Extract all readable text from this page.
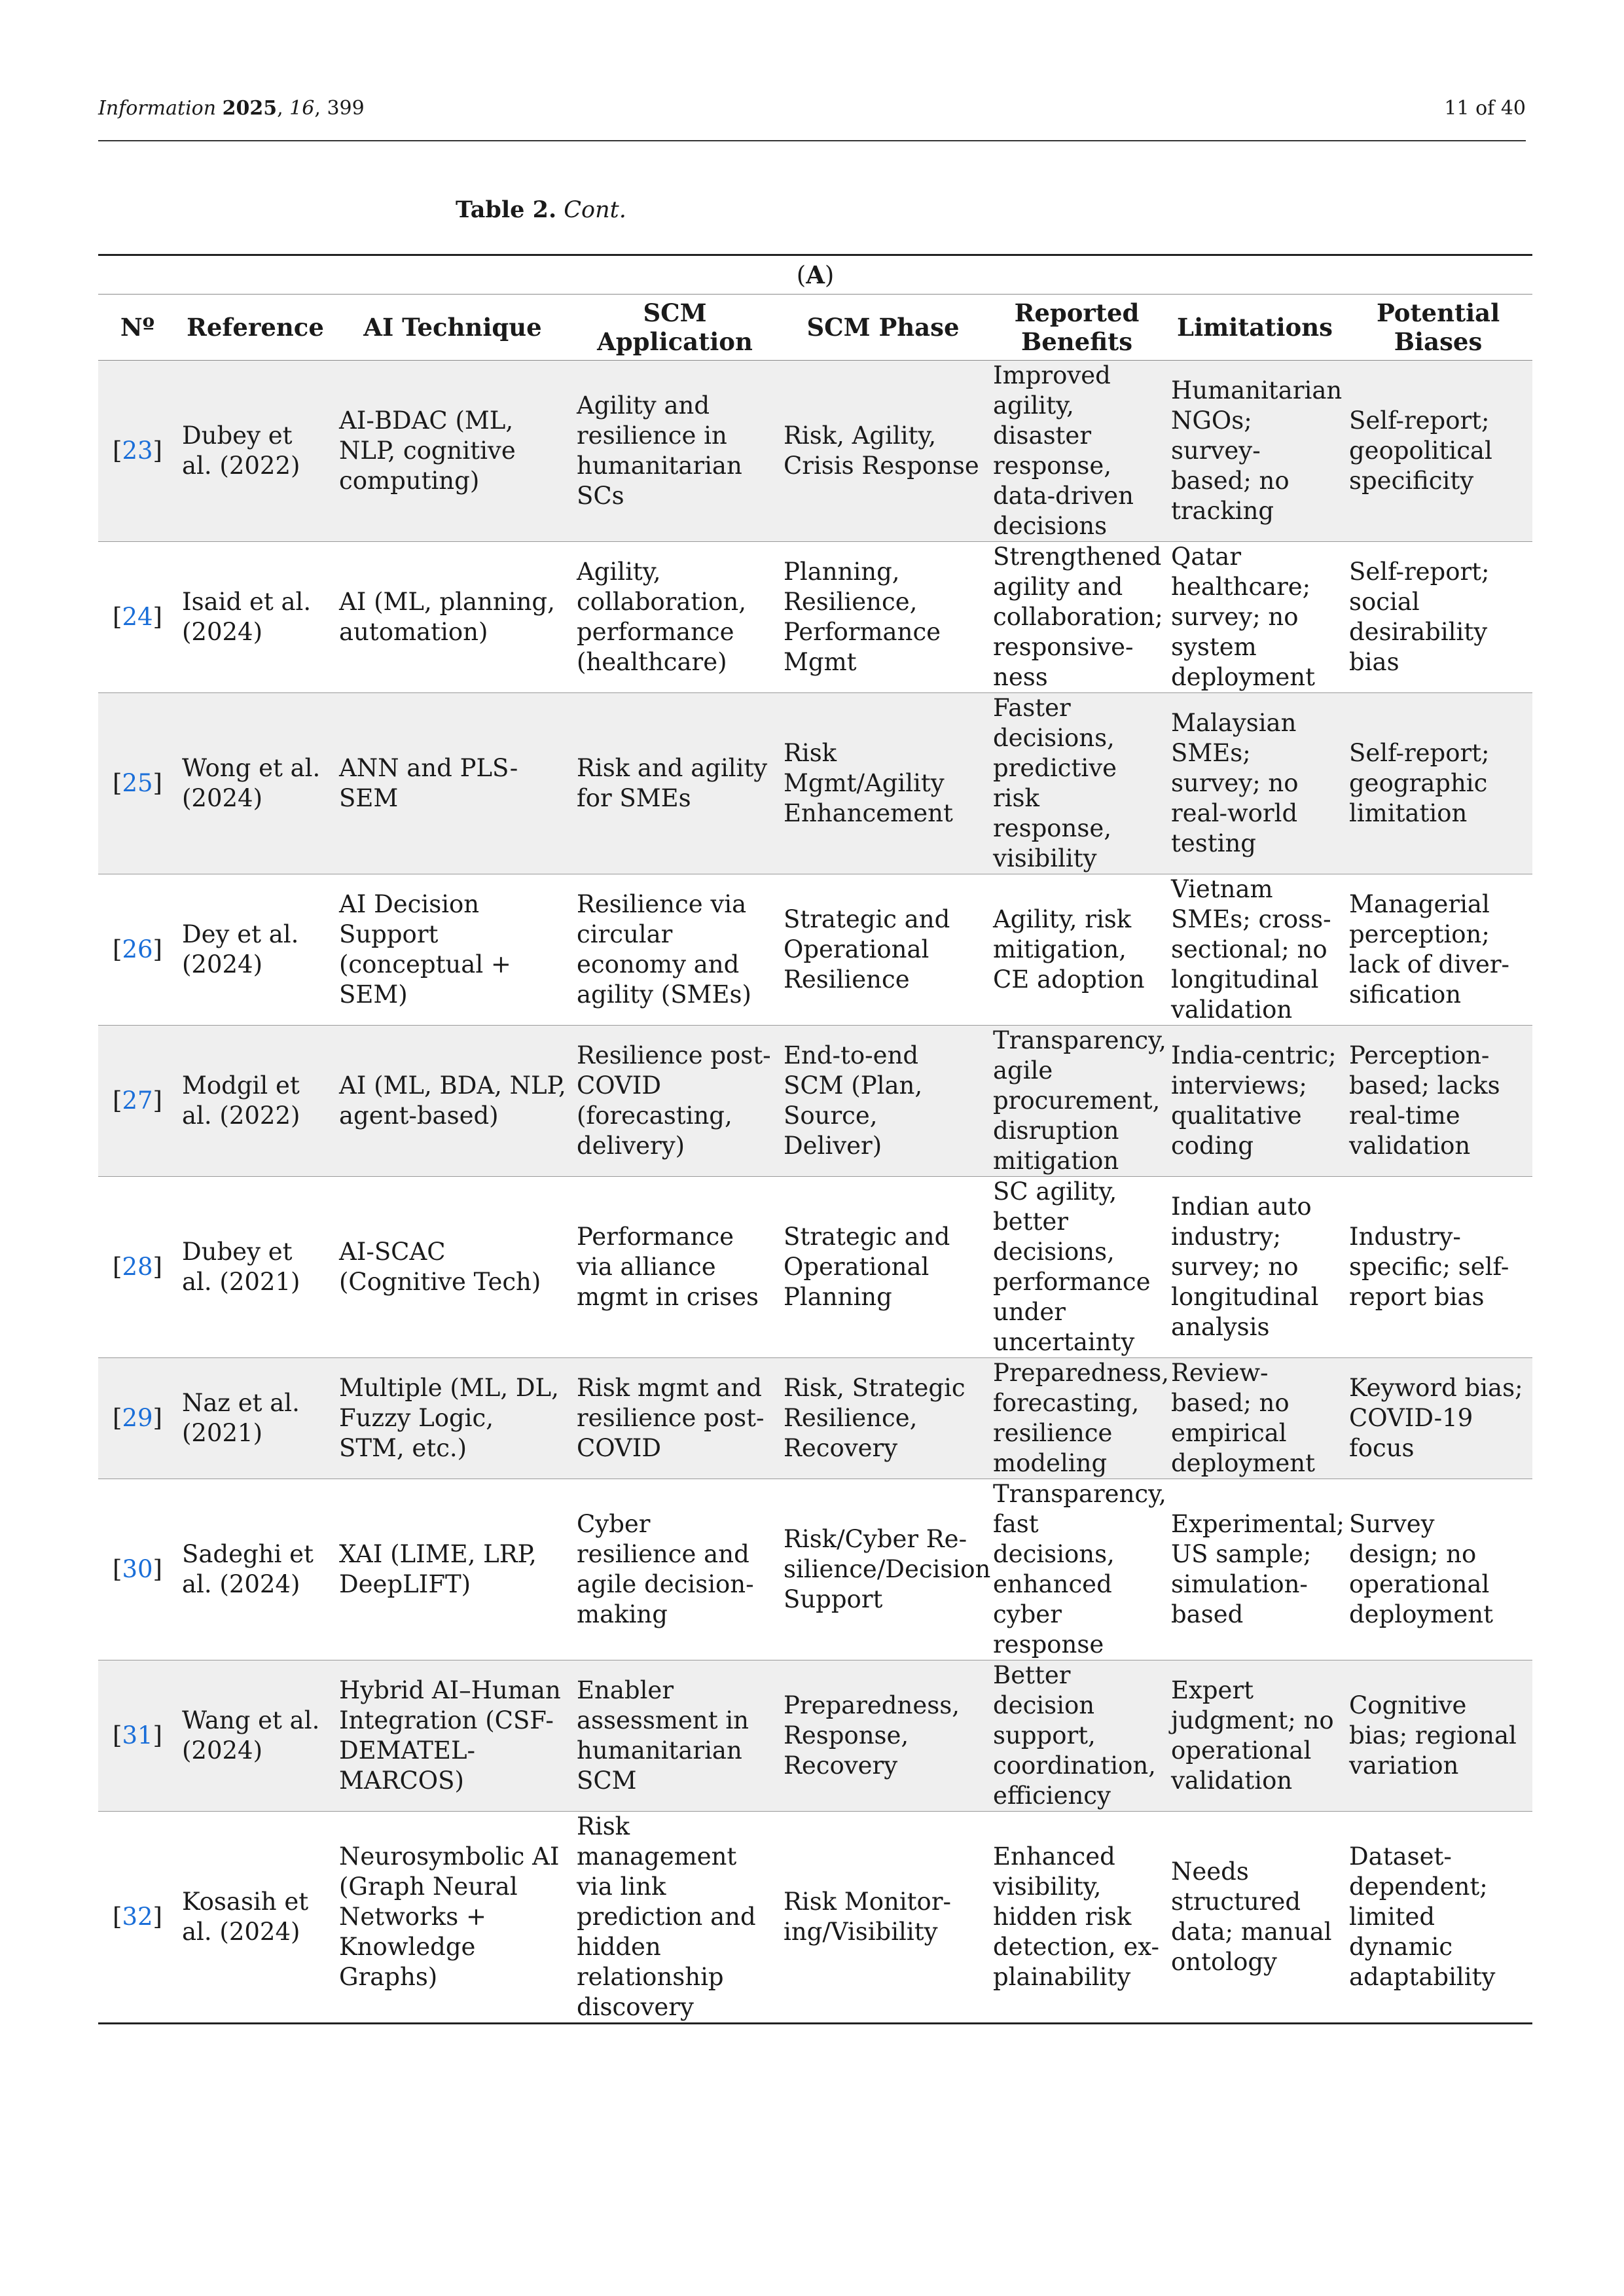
Information 2025, 16, 399	11 of 40
Table 2. Cont.
(A)							
Nº	Reference	AI Technique	SCM Application	SCM Phase	Reported Benefits	Limitations	Potential Biases
[23]	Dubey et al. (2022)	AI-BDAC (ML, NLP, cognitive computing)	Agility and resilience in humanitarian SCs	Risk, Agility, Crisis Response	Improved agility, disaster response, data-driven decisions	Humanitarian NGOs; survey-based; no tracking	Self-report; geopolitical specificity
[24]	Isaid et al. (2024)	AI (ML, planning, automation)	Agility, collaboration, performance (healthcare)	Planning, Resilience, Performance Mgmt	Strengthened agility and collaboration; responsive-ness	Qatar healthcare; survey; no system deployment	Self-report; social desirability bias
[25]	Wong et al. (2024)	ANN and PLS-SEM	Risk and agility for SMEs	Risk Mgmt/Agility Enhancement	Faster decisions, predictive risk response, visibility	Malaysian SMEs; survey; no real-world testing	Self-report; geographic limitation
[26]	Dey et al. (2024)	AI Decision Support (conceptual + SEM)	Resilience via circular economy and agility (SMEs)	Strategic and Operational Resilience	Agility, risk mitigation, CE adoption	Vietnam SMEs; cross-sectional; no longitudinal validation	Managerial perception; lack of diver-sification
[27]	Modgil et al. (2022)	AI (ML, BDA, NLP, agent-based)	Resilience post-COVID (forecasting, delivery)	End-to-end SCM (Plan, Source, Deliver)	Transparency, agile procurement, disruption mitigation	India-centric; interviews; qualitative coding	Perception-based; lacks real-time validation
[28]	Dubey et al. (2021)	AI-SCAC (Cognitive Tech)	Performance via alliance mgmt in crises	Strategic and Operational Planning	SC agility, better decisions, performance under uncertainty	Indian auto industry; survey; no longitudinal analysis	Industry-specific; self-report bias
[29]	Naz et al. (2021)	Multiple (ML, DL, Fuzzy Logic, STM, etc.)	Risk mgmt and resilience post-COVID	Risk, Strategic Resilience, Recovery	Preparedness, forecasting, resilience modeling	Review-based; no empirical deployment	Keyword bias; COVID-19 focus
[30]	Sadeghi et al. (2024)	XAI (LIME, LRP, DeepLIFT)	Cyber resilience and agile decision-making	Risk/Cyber Re-silience/Decision Support	Transparency, fast decisions, enhanced cyber response	Experimental; US sample; simulation-based	Survey design; no operational deployment
[31]	Wang et al. (2024)	Hybrid AI–Human Integration (CSF-DEMATEL-MARCOS)	Enabler assessment in humanitarian SCM	Preparedness, Response, Recovery	Better decision support, coordination, efficiency	Expert judgment; no operational validation	Cognitive bias; regional variation
[32]	Kosasih et al. (2024)	Neurosymbolic AI (Graph Neural Networks + Knowledge Graphs)	Risk management via link prediction and hidden relationship discovery	Risk Monitor-ing/Visibility	Enhanced visibility, hidden risk detection, ex-plainability	Needs structured data; manual ontology	Dataset-dependent; limited dynamic adaptability
